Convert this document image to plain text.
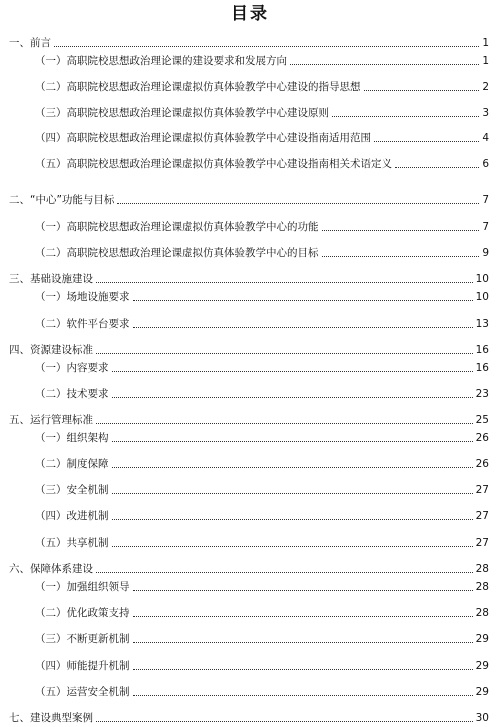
目录
一、前言	1
（一）高职院校思想政治理论课的建设要求和发展方向	1
（二）高职院校思想政治理论课虚拟仿真体验教学中心建设的指导思想	2
（三）高职院校思想政治理论课虚拟仿真体验教学中心建设原则	3
（四）高职院校思想政治理论课虚拟仿真体验教学中心建设指南适用范围	4
（五）高职院校思想政治理论课虚拟仿真体验教学中心建设指南相关术语定义	6
二、“中心”功能与目标	7
（一）高职院校思想政治理论课虚拟仿真体验教学中心的功能	7
（二）高职院校思想政治理论课虚拟仿真体验教学中心的目标	9
三、基础设施建设	10
（一）场地设施要求	10
（二）软件平台要求	13
四、资源建设标准	16
（一）内容要求	16
（二）技术要求	23
五、运行管理标准	25
（一）组织架构	26
（二）制度保障	26
（三）安全机制	27
（四）改进机制	27
（五）共享机制	27
六、保障体系建设	28
（一）加强组织领导	28
（二）优化政策支持	28
（三）不断更新机制	29
（四）师能提升机制	29
（五）运营安全机制	29
七、建设典型案例	30
